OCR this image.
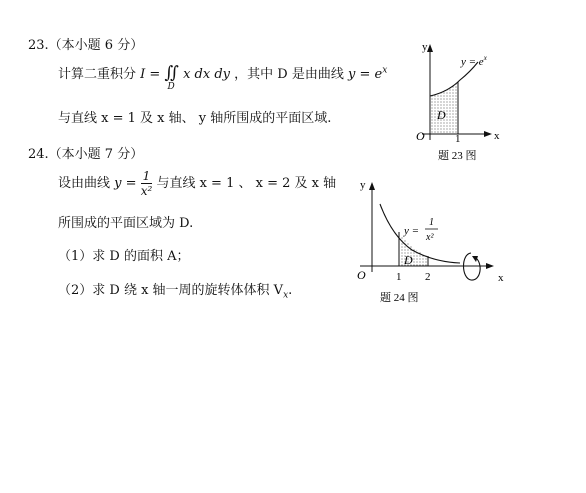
23.（本小题 6 分）
计算二重积分 I = ∬
D
x dx dy ，其中 D 是由曲线 $y = e^x$
与直线 x = 1 及 x 轴、 y 轴所围成的平面区域.
y
x
O	1
D
$y = e^x$
题 23 图
24.（本小题 7 分）
设由曲线 $y = \frac{1}{\text{x²}}$ 与直线 x = 1 、 x = 2 及 x 轴
所围成的平面区域为 D.
（1）求 D 的面积 A；
（2）求 D 绕 x 轴一周的旋转体体积 $V_x$.
y
x
O	1 2
D
y =
1
x²
题 24 图
